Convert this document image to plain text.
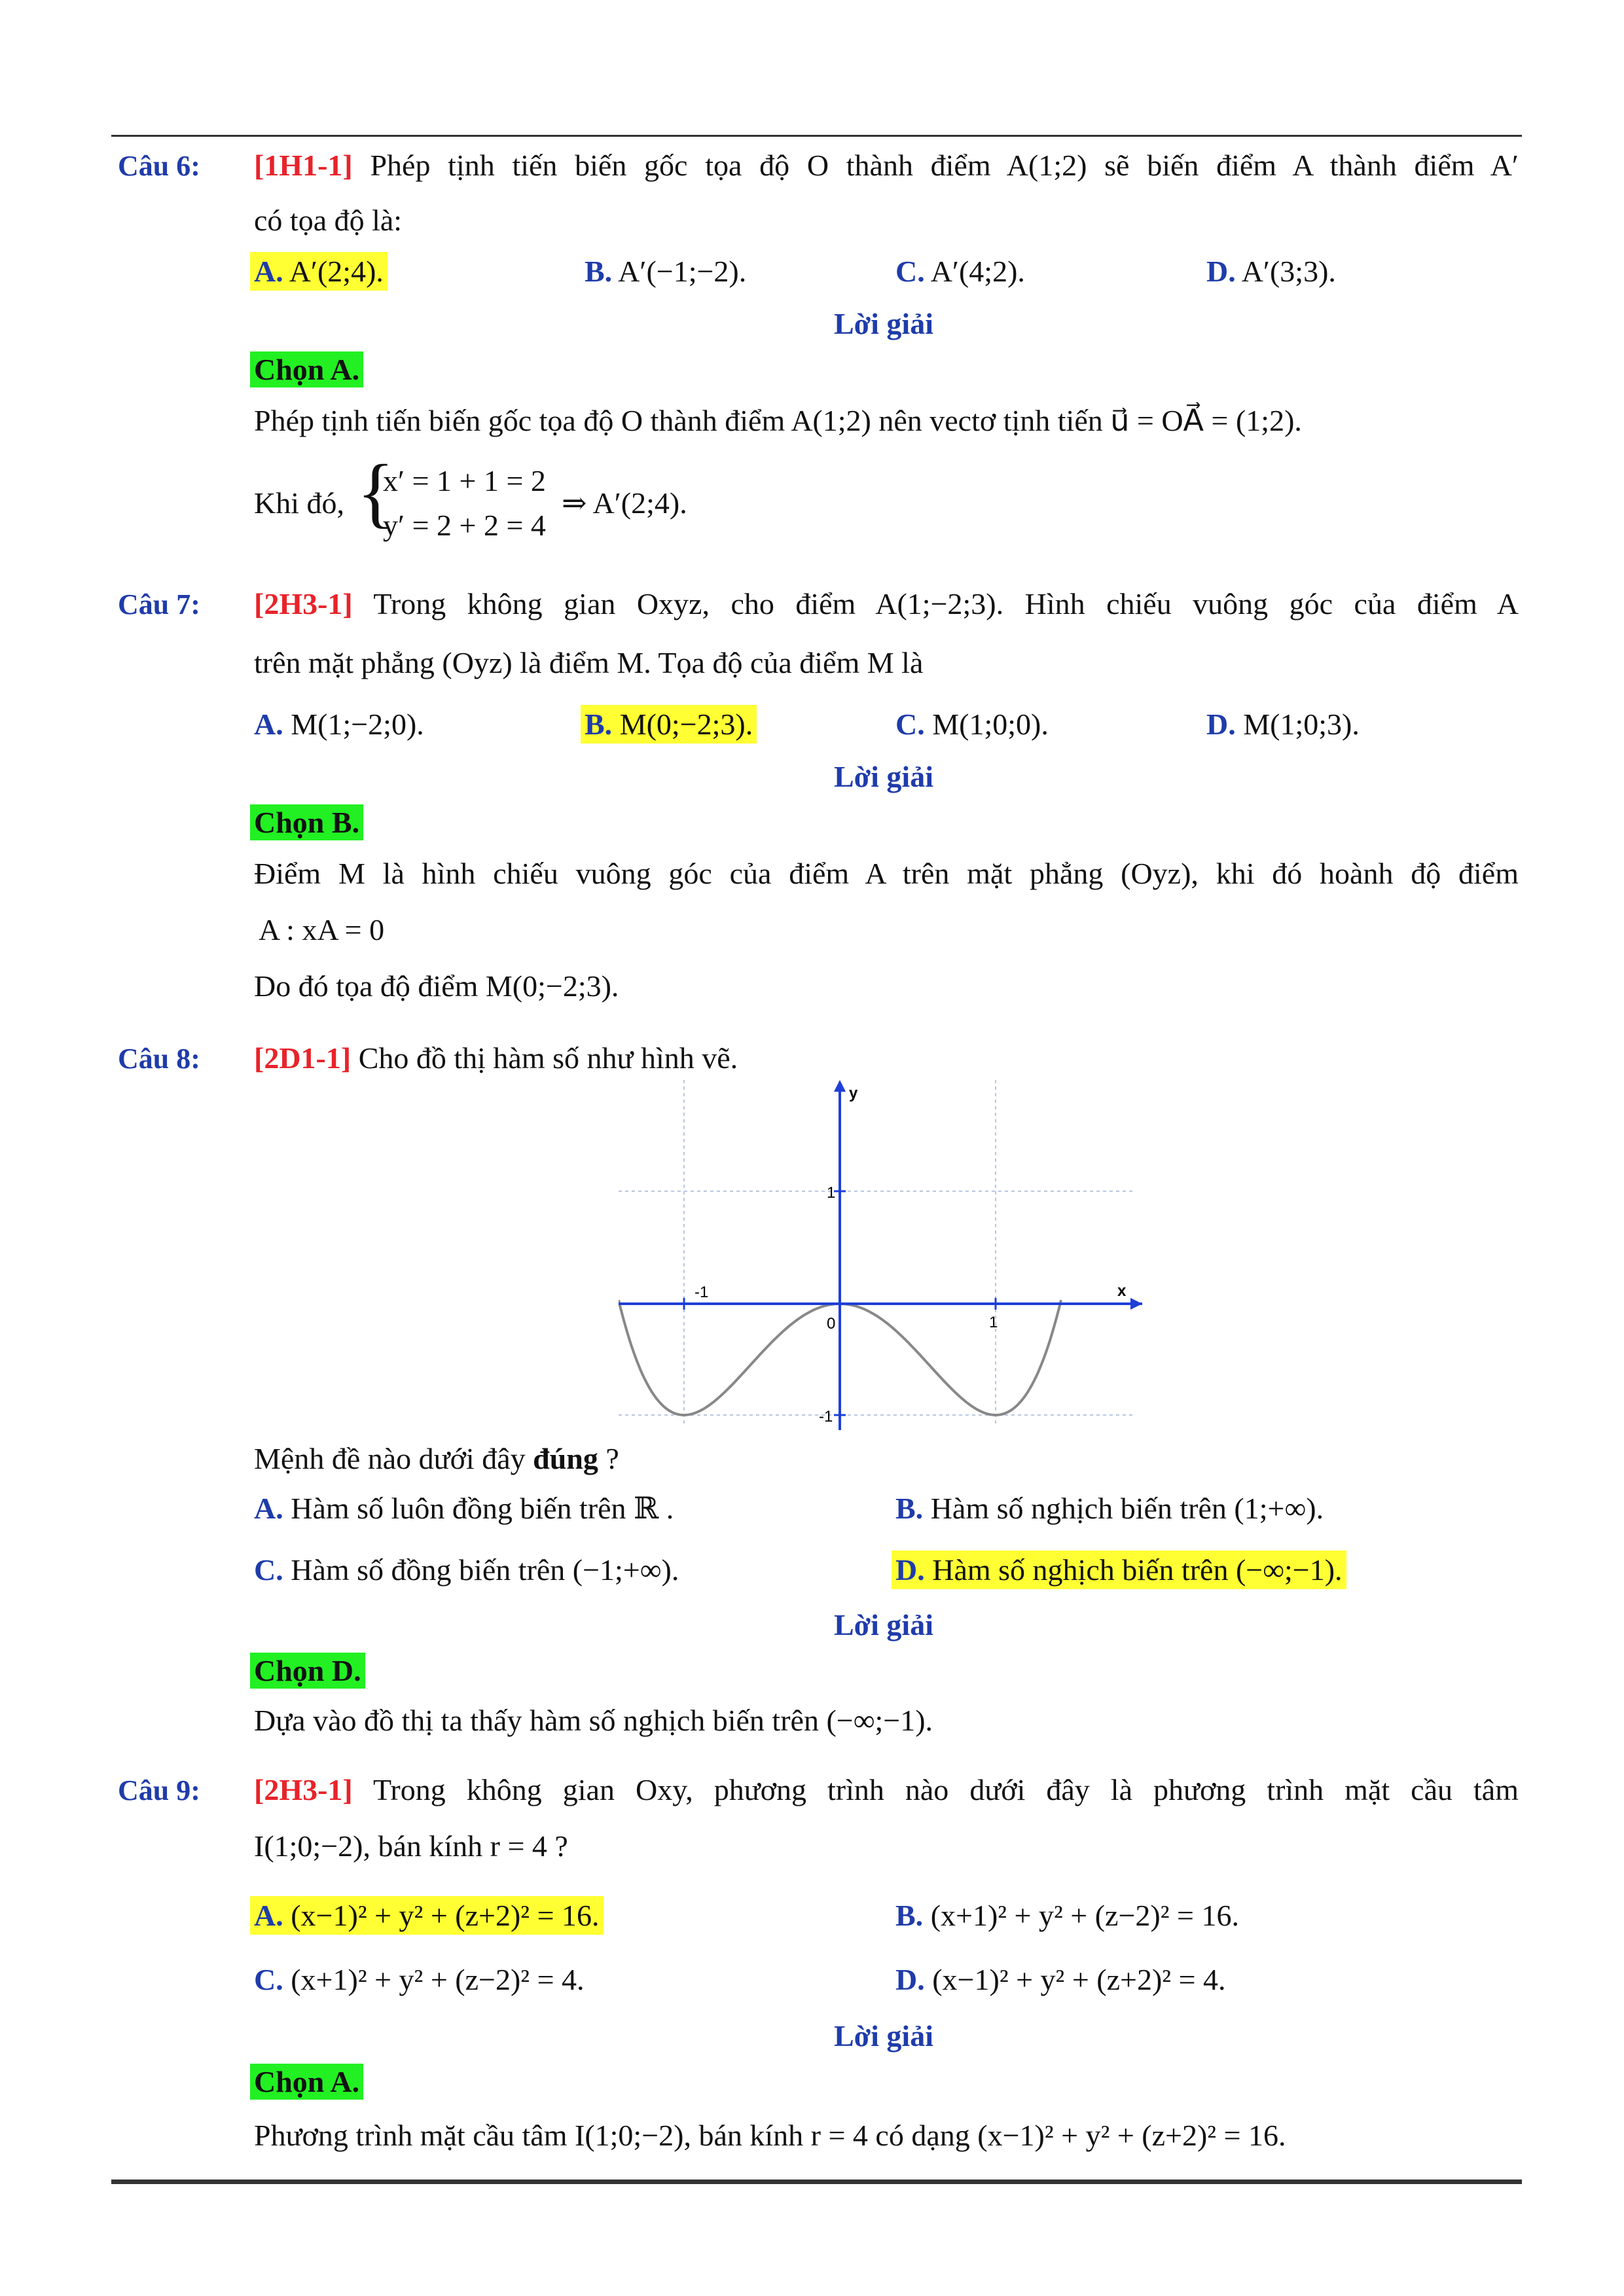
Câu 6: [1H1-1] Phép tịnh tiến biến gốc tọa độ O thành điểm A(1;2) sẽ biến điểm A thành điểm A′
có tọa độ là:
A. A′(2;4).	B. A′(−1;−2).	C. A′(4;2).	D. A′(3;3).
Lời giải
Chọn A.
Phép tịnh tiến biến gốc tọa độ O thành điểm A(1;2) nên vectơ tịnh tiến u⃗ = OA⃗ = (1;2).
Khi đó, {
x′ = 1 + 1 = 2
y′ = 2 + 2 = 4
⇒ A′(2;4).
Câu 7: [2H3-1] Trong không gian Oxyz, cho điểm A(1;−2;3). Hình chiếu vuông góc của điểm A
trên mặt phẳng (Oyz) là điểm M. Tọa độ của điểm M là
A. M(1;−2;0).	B. M(0;−2;3).	C. M(1;0;0).	D. M(1;0;3).
Lời giải
Chọn B.
Điểm M là hình chiếu vuông góc của điểm A trên mặt phẳng (Oyz), khi đó hoành độ điểm
A : xA = 0
Do đó tọa độ điểm M(0;−2;3).
Câu 8: [2D1-1] Cho đồ thị hàm số như hình vẽ.
y
x
-1
1
0
1
-1
Mệnh đề nào dưới đây đúng ?
A. Hàm số luôn đồng biến trên ℝ .	B. Hàm số nghịch biến trên (1;+∞).
C. Hàm số đồng biến trên (−1;+∞).	D. Hàm số nghịch biến trên (−∞;−1).
Lời giải
Chọn D.
Dựa vào đồ thị ta thấy hàm số nghịch biến trên (−∞;−1).
Câu 9: [2H3-1] Trong không gian Oxy, phương trình nào dưới đây là phương trình mặt cầu tâm
I(1;0;−2), bán kính r = 4 ?
A. (x−1)² + y² + (z+2)² = 16.	B. (x+1)² + y² + (z−2)² = 16.
C. (x+1)² + y² + (z−2)² = 4.	D. (x−1)² + y² + (z+2)² = 4.
Lời giải
Chọn A.
Phương trình mặt cầu tâm I(1;0;−2), bán kính r = 4 có dạng (x−1)² + y² + (z+2)² = 16.
